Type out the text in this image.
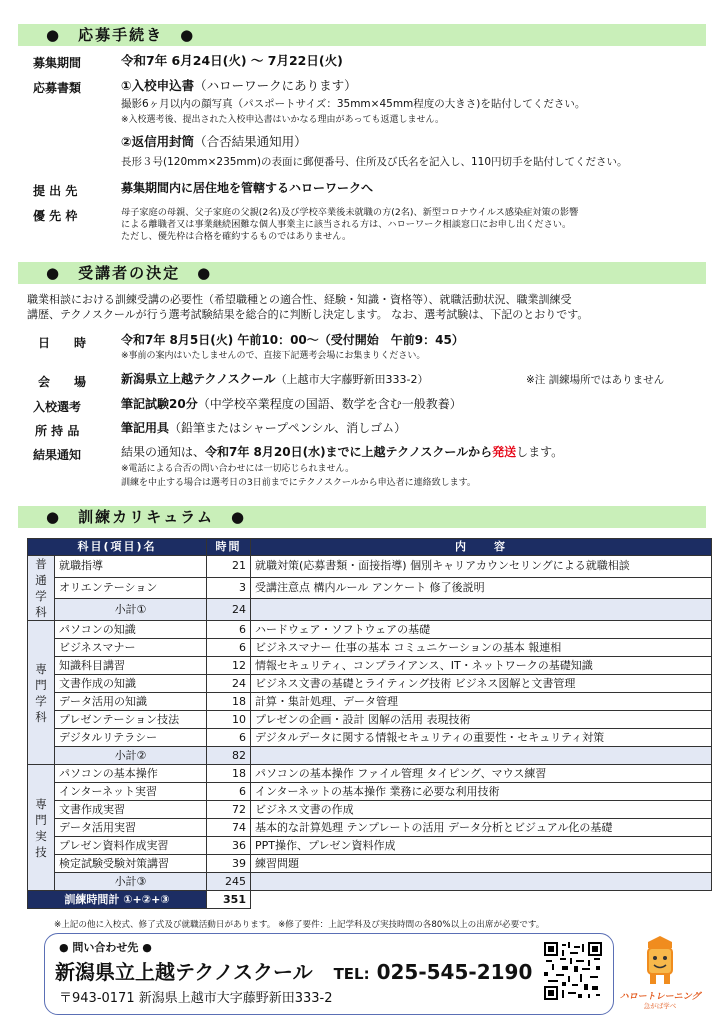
●　応募手続き　●
募集期間	令和7年 6月24日(火) ～ 7月22日(火)
応募書類	①入校申込書（ハローワークにあります）
撮影6ヶ月以内の顔写真（パスポートサイズ：35mm×45mm程度の大きさ)を貼付してください。
※入校選考後、提出された入校申込書はいかなる理由があっても返還しません。
②返信用封筒（合否結果通知用）
長形３号(120mm×235mm)の表面に郵便番号、住所及び氏名を記入し、110円切手を貼付してください。
提 出 先	募集期間内に居住地を管轄するハローワークへ
優 先 枠	母子家庭の母親、父子家庭の父親(2名)及び学校卒業後未就職の方(2名)、新型コロナウイルス感染症対策の影響
による離職者又は事業継続困難な個人事業主に該当される方は、ハローワーク相談窓口にお申し出ください。
ただし、優先枠は合格を確約するものではありません。
●　受講者の決定　●
職業相談における訓練受講の必要性（希望職種との適合性、経験・知識・資格等）、就職活動状況、職業訓練受
講歴、テクノスクールが行う選考試験結果を総合的に判断し決定します。 なお、選考試験は、下記のとおりです。
日　　時	令和7年 8月5日(火) 午前10：00～（受付開始　午前9：45）
※事前の案内はいたしませんので、直接下記選考会場にお集まりください。
会　　場	新潟県立上越テクノスクール（上越市大字藤野新田333-2）	※注 訓練場所ではありません
入校選考	筆記試験20分（中学校卒業程度の国語、数学を含む一般教養）
所 持 品	筆記用具（鉛筆またはシャープペンシル、消しゴム）
結果通知	結果の通知は、令和7年 8月20日(水)までに上越テクノスクールから発送します。
※電話による合否の問い合わせには一切応じられません。
訓練を中止する場合は選考日の3日前までにテクノスクールから申込者に連絡致します。
●　訓練カリキュラム　●
科目(項目)名		時間	内　　容

普
通
学
科	就職指導	21	就職対策(応募書類・面接指導) 個別キャリアカウンセリングによる就職相談
	オリエンテーション	3	受講注意点 構内ルール アンケート 修了後説明
	小計①	24	

専
門
学
科	パソコンの知識	6	ハードウェア・ソフトウェアの基礎
	ビジネスマナー	6	ビジネスマナー 仕事の基本 コミュニケーションの基本 報連相
	知識科目講習	12	情報セキュリティ、コンプライアンス、IT・ネットワークの基礎知識
	文書作成の知識	24	ビジネス文書の基礎とライティング技術 ビジネス図解と文書管理
	データ活用の知識	18	計算・集計処理、データ管理
	プレゼンテーション技法	10	プレゼンの企画・設計 図解の活用 表現技術
	デジタルリテラシー	6	デジタルデータに関する情報セキュリティの重要性・セキュリティ対策
	小計②	82	

専
門
実
技	パソコンの基本操作	18	パソコンの基本操作 ファイル管理 タイピング、マウス練習
	インターネット実習	6	インターネットの基本操作 業務に必要な利用技術
	文書作成実習	72	ビジネス文書の作成
	データ活用実習	74	基本的な計算処理 テンプレートの活用 データ分析とビジュアル化の基礎
	プレゼン資料作成実習	36	PPT操作、プレゼン資料作成
	検定試験受験対策講習	39	練習問題
	小計③	245	
訓練時間計 ①+②+③		351	
※上記の他に入校式、修了式及び就職活動日があります。 ※修了要件：上記学科及び実技時間の各80%以上の出席が必要です。
● 問い合わせ先 ●
新潟県立上越テクノスクール TEL: 025-545-2190
〒943-0171 新潟県上越市大字藤野新田333-2	ハロートレーニング
急がば学べ
